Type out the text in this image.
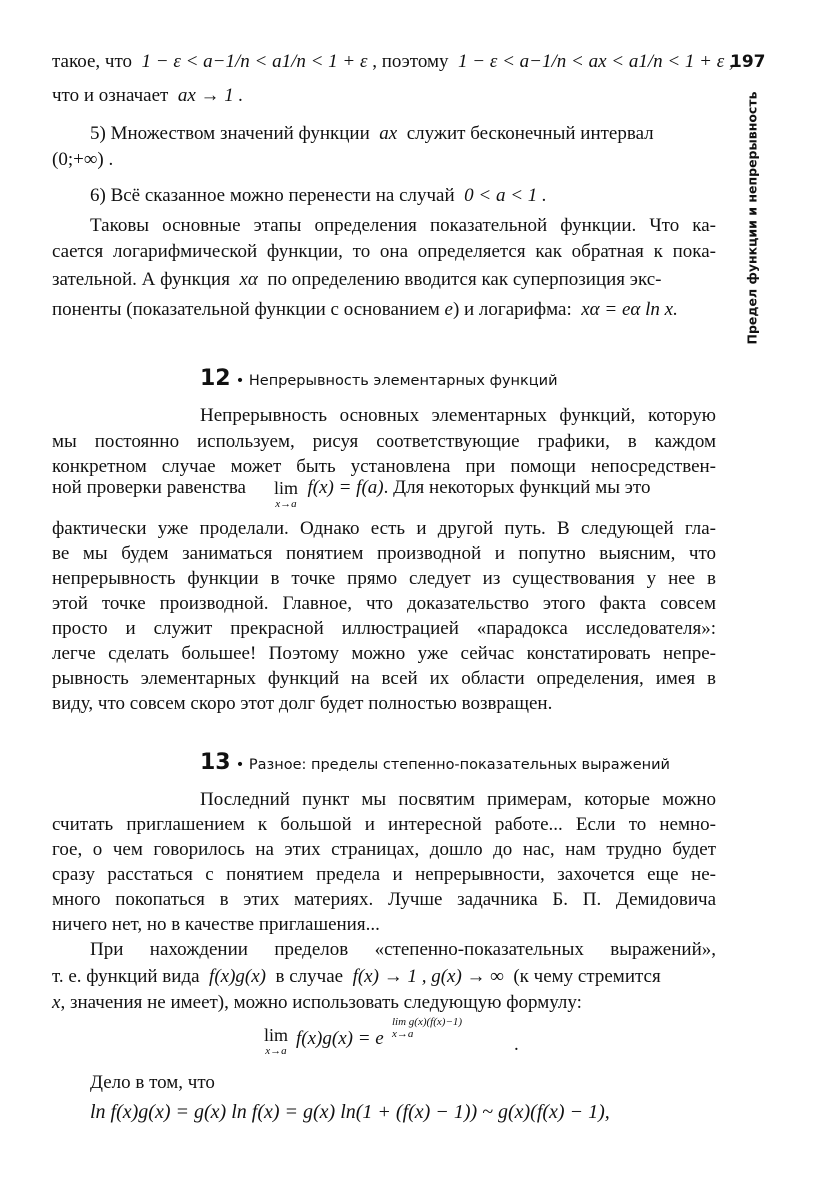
197
Предел функции и непрерывность
такое, что 1 − ε < a−1/n < a1/n < 1 + ε , поэтому 1 − ε < a−1/n < ax < a1/n < 1 + ε ,
что и означает ax → 1 .
5) Множеством значений функции ax служит бесконечный интервал
(0;+∞) .
6) Всё сказанное можно перенести на случай 0 < a < 1 .
Таковы основные этапы определения показательной функции. Что ка-
сается логарифмической функции, то она определяется как обратная к пока-
зательной. А функция xα по определению вводится как суперпозиция экс-
поненты (показательной функции с основанием e) и логарифма: xα = eα ln x.
12 • Непрерывность элементарных функций
Непрерывность основных элементарных функций, которую
мы постоянно используем, рисуя соответствующие графики, в каждом
конкретном случае может быть установлена при помощи непосредствен-
ной проверки равенства	f(x) = f(a). Для некоторых функций мы это
lim
x→a
фактически уже проделали. Однако есть и другой путь. В следующей гла-
ве мы будем заниматься понятием производной и попутно выясним, что
непрерывность функции в точке прямо следует из существования у нее в
этой точке производной. Главное, что доказательство этого факта совсем
просто и служит прекрасной иллюстрацией «парадокса исследователя»:
легче сделать большее! Поэтому можно уже сейчас констатировать непре-
рывность элементарных функций на всей их области определения, имея в
виду, что совсем скоро этот долг будет полностью возвращен.
13 • Разное: пределы степенно-показательных выражений
Последний пункт мы посвятим примерам, которые можно
считать приглашением к большой и интересной работе... Если то немно-
гое, о чем говорилось на этих страницах, дошло до нас, нам трудно будет
сразу расстаться с понятием предела и непрерывности, захочется еще не-
много покопаться в этих материях. Лучше задачника Б. П. Демидовича
ничего нет, но в качестве приглашения...
При нахождении пределов «степенно-показательных выражений»,
т. е. функций вида f(x)g(x) в случае f(x) → 1 , g(x) → ∞ (к чему стремится
x, значения не имеет), можно использовать следующую формулу:
lim
x→a
f(x)g(x) = e
lim g(x)(f(x)−1)
x→a	.
Дело в том, что
ln f(x)g(x) = g(x) ln f(x) = g(x) ln(1 + (f(x) − 1)) ~ g(x)(f(x) − 1),
